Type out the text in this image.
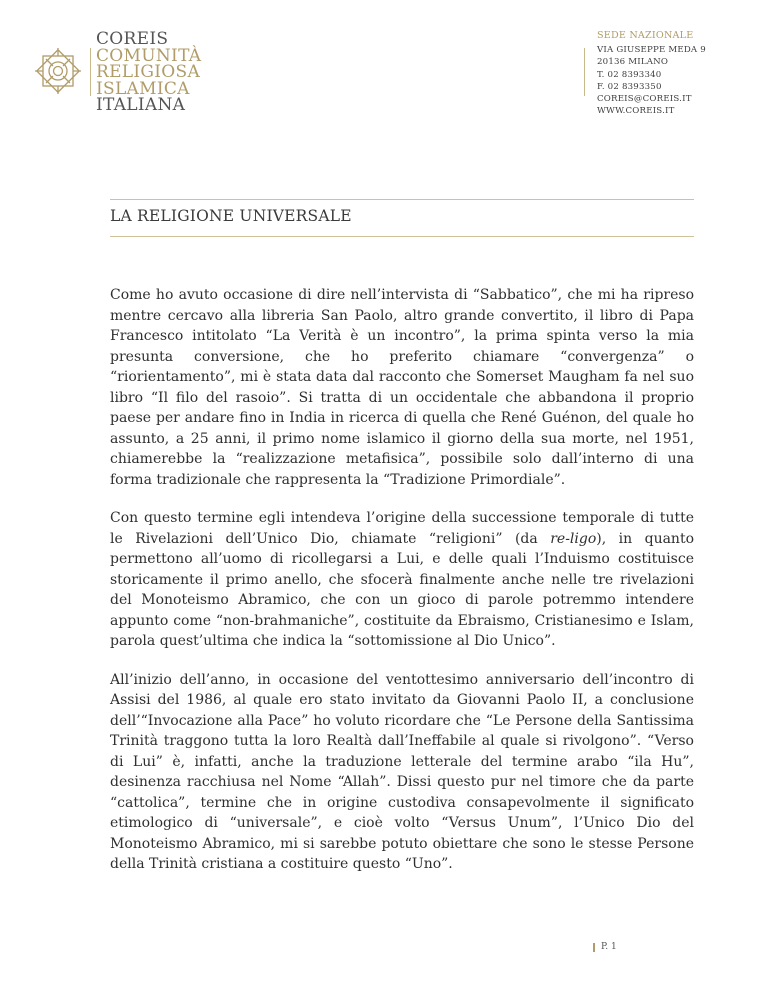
COREIS
COMUNITÀ
RELIGIOSA
ISLAMICA
ITALIANA
SEDE NAZIONALE
VIA GIUSEPPE MEDA 9
20136 MILANO
T. 02 8393340
F. 02 8393350
COREIS@COREIS.IT
WWW.COREIS.IT
LA RELIGIONE UNIVERSALE

Come ho avuto occasione di dire nell’intervista di “Sabbatico”, che mi ha ripreso mentre cercavo alla libreria San Paolo, altro grande convertito, il libro di Papa Francesco intitolato “La Verità è un incontro”, la prima spinta verso la mia presunta conversione, che ho preferito chiamare “convergenza” o “riorientamento”, mi è stata data dal racconto che Somerset Maugham fa nel suo libro “Il filo del rasoio”. Si tratta di un occidentale che abbandona il proprio paese per andare fino in India in ricerca di quella che René Guénon, del quale ho assunto, a 25 anni, il primo nome islamico il giorno della sua morte, nel 1951, chiamerebbe la “realizzazione metafisica”, possibile solo dall’interno di una forma tradizionale che rappresenta la “Tradizione Primordiale”.

Con questo termine egli intendeva l’origine della successione temporale di tutte le Rivelazioni dell’Unico Dio, chiamate “religioni” (da re-ligo), in quanto permettono all’uomo di ricollegarsi a Lui, e delle quali l’Induismo costituisce storicamente il primo anello, che sfocerà finalmente anche nelle tre rivelazioni del Monoteismo Abramico, che con un gioco di parole potremmo intendere appunto come “non-brahmaniche”, costituite da Ebraismo, Cristianesimo e Islam, parola quest’ultima che indica la “sottomissione al Dio Unico”.

All’inizio dell’anno, in occasione del ventottesimo anniversario dell’incontro di Assisi del 1986, al quale ero stato invitato da Giovanni Paolo II, a conclusione dell’“Invocazione alla Pace” ho voluto ricordare che “Le Persone della Santissima Trinità traggono tutta la loro Realtà dall’Ineffabile al quale si rivolgono”. “Verso di Lui” è, infatti, anche la traduzione letterale del termine arabo “ila Hu”, desinenza racchiusa nel Nome “Allah”. Dissi questo pur nel timore che da parte “cattolica”, termine che in origine custodiva consapevolmente il significato etimologico di “universale”, e cioè volto “Versus Unum”, l’Unico Dio del Monoteismo Abramico, mi si sarebbe potuto obiettare che sono le stesse Persone della Trinità cristiana a costituire questo “Uno”.

P. 1
